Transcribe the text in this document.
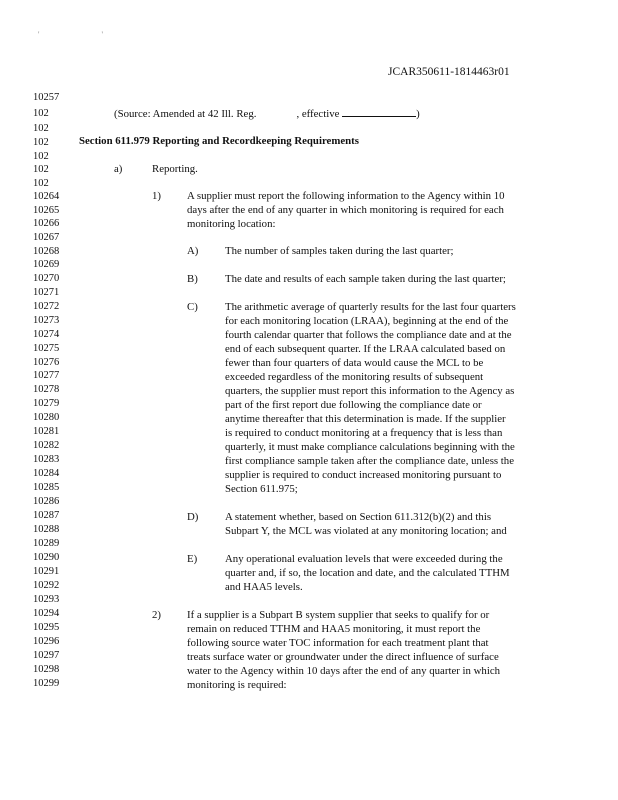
' '
JCAR350611-1814463r01
10257
102
102
102
102
102
102
10264
10265
10266
10267
10268
10269
10270
10271
10272
10273
10274
10275
10276
10277
10278
10279
10280
10281
10282
10283
10284
10285
10286
10287
10288
10289
10290
10291
10292
10293
10294
10295
10296
10297
10298
10299
(Source: Amended at 42 Ill. Reg.	, effective	)
Section 611.979 Reporting and Recordkeeping Requirements
a)	Reporting.
1) A supplier must report the following information to the Agency within 10
days after the end of any quarter in which monitoring is required for each
monitoring location:
A) The number of samples taken during the last quarter;
B)	The date and results of each sample taken during the last quarter;
C)	The arithmetic average of quarterly results for the last four quarters
for each monitoring location (LRAA), beginning at the end of the
fourth calendar quarter that follows the compliance date and at the
end of each subsequent quarter. If the LRAA calculated based on
fewer than four quarters of data would cause the MCL to be
exceeded regardless of the monitoring results of subsequent
quarters, the supplier must report this information to the Agency as
part of the first report due following the compliance date or
anytime thereafter that this determination is made. If the supplier
is required to conduct monitoring at a frequency that is less than
quarterly, it must make compliance calculations beginning with the
first compliance sample taken after the compliance date, unless the
supplier is required to conduct increased monitoring pursuant to
Section 611.975;
D) A statement whether, based on Section 611.312(b)(2) and this
Subpart Y, the MCL was violated at any monitoring location; and
E)	Any operational evaluation levels that were exceeded during the
quarter and, if so, the location and date, and the calculated TTHM
and HAA5 levels.
2) If a supplier is a Subpart B system supplier that seeks to qualify for or
remain on reduced TTHM and HAA5 monitoring, it must report the
following source water TOC information for each treatment plant that
treats surface water or groundwater under the direct influence of surface
water to the Agency within 10 days after the end of any quarter in which
monitoring is required:
